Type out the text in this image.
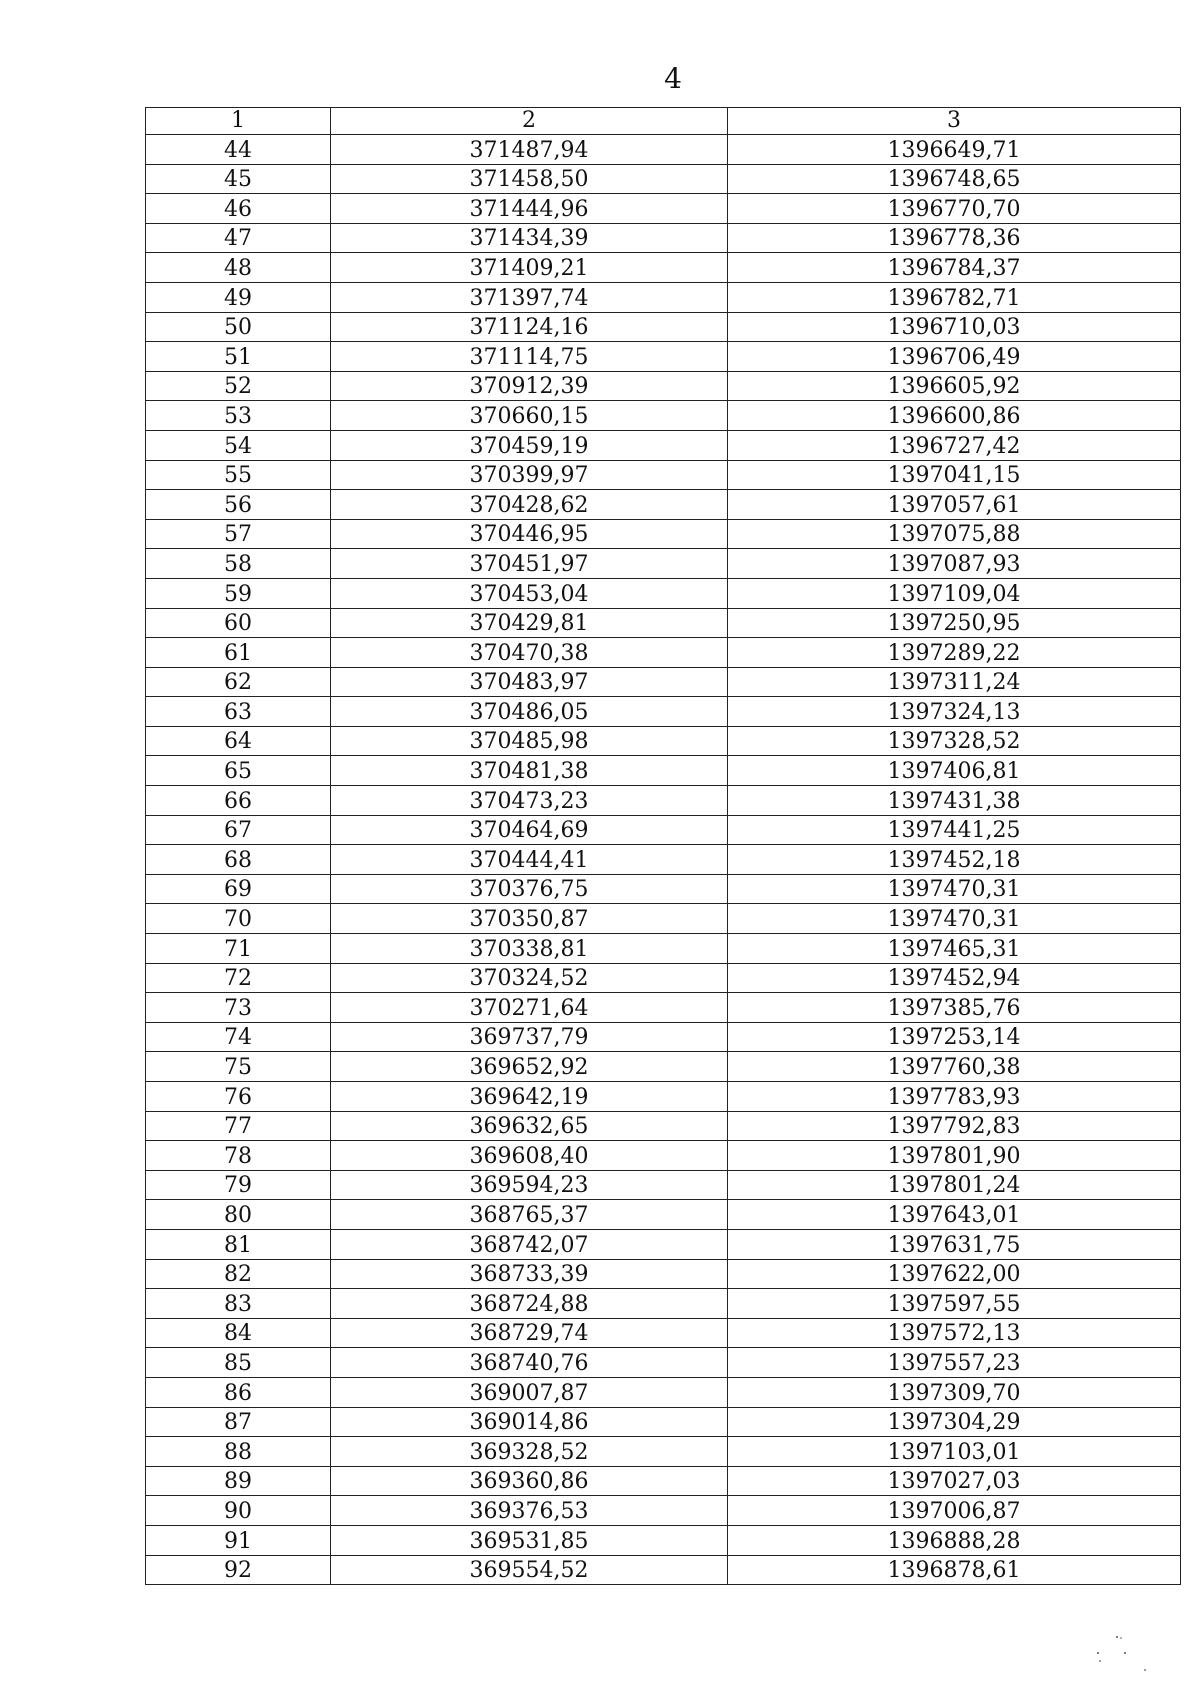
4
1	2	3
44	371487,94	1396649,71
45	371458,50	1396748,65
46	371444,96	1396770,70
47	371434,39	1396778,36
48	371409,21	1396784,37
49	371397,74	1396782,71
50	371124,16	1396710,03
51	371114,75	1396706,49
52	370912,39	1396605,92
53	370660,15	1396600,86
54	370459,19	1396727,42
55	370399,97	1397041,15
56	370428,62	1397057,61
57	370446,95	1397075,88
58	370451,97	1397087,93
59	370453,04	1397109,04
60	370429,81	1397250,95
61	370470,38	1397289,22
62	370483,97	1397311,24
63	370486,05	1397324,13
64	370485,98	1397328,52
65	370481,38	1397406,81
66	370473,23	1397431,38
67	370464,69	1397441,25
68	370444,41	1397452,18
69	370376,75	1397470,31
70	370350,87	1397470,31
71	370338,81	1397465,31
72	370324,52	1397452,94
73	370271,64	1397385,76
74	369737,79	1397253,14
75	369652,92	1397760,38
76	369642,19	1397783,93
77	369632,65	1397792,83
78	369608,40	1397801,90
79	369594,23	1397801,24
80	368765,37	1397643,01
81	368742,07	1397631,75
82	368733,39	1397622,00
83	368724,88	1397597,55
84	368729,74	1397572,13
85	368740,76	1397557,23
86	369007,87	1397309,70
87	369014,86	1397304,29
88	369328,52	1397103,01
89	369360,86	1397027,03
90	369376,53	1397006,87
91	369531,85	1396888,28
92	369554,52	1396878,61
